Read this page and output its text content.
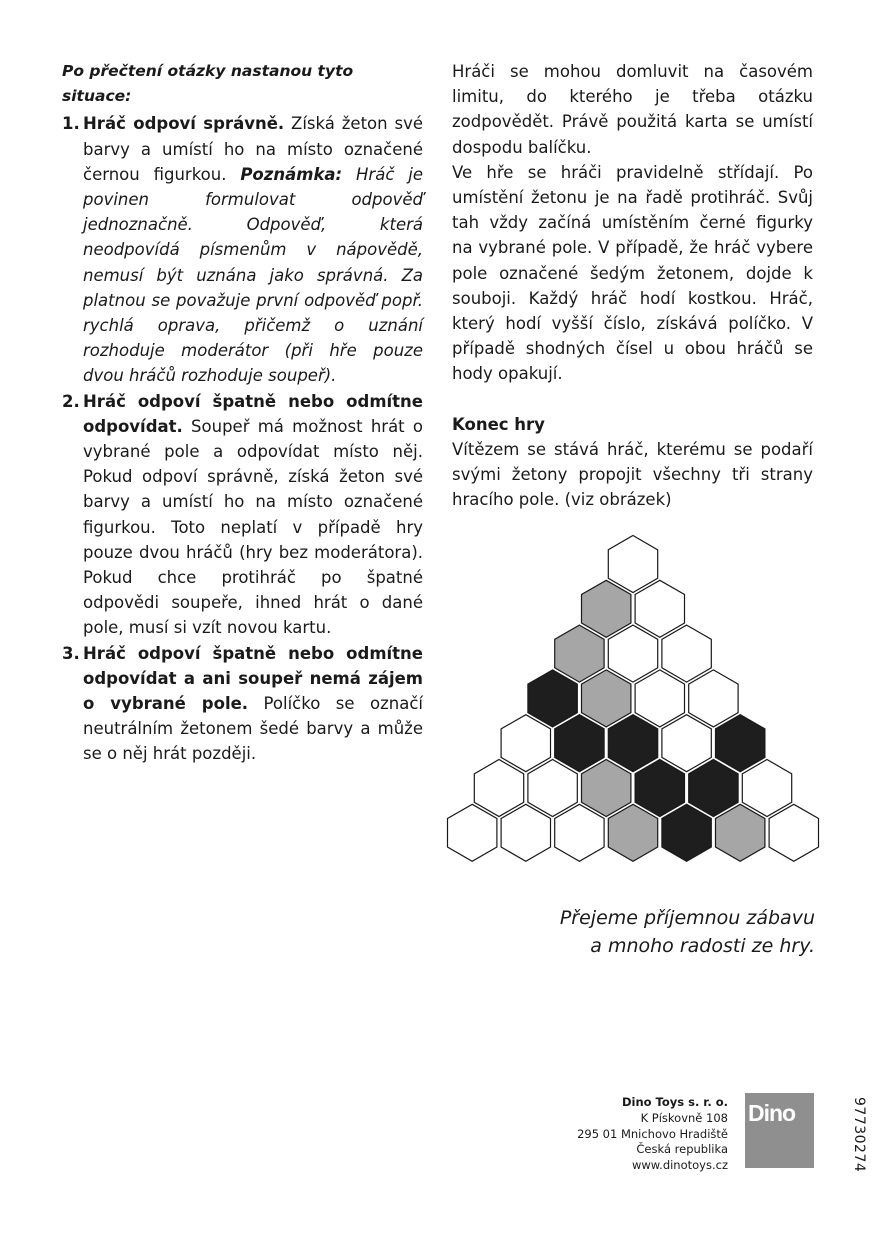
Po přečtení otázky nastanou tyto situace:
1. Hráč odpoví správně. Získá žeton své barvy a umístí ho na místo označené černou figurkou. Poznámka: Hráč je povinen formulovat odpověď jednoznačně. Odpověď, která neodpovídá písmenům v nápovědě, nemusí být uznána jako správná. Za platnou se považuje první odpověď popř. rychlá oprava, přičemž o uznání rozhoduje moderátor (při hře pouze dvou hráčů rozhoduje soupeř).
2. Hráč odpoví špatně nebo odmítne odpovídat. Soupeř má možnost hrát o vybrané pole a odpovídat místo něj. Pokud odpoví správně, získá žeton své barvy a umístí ho na místo označené figurkou. Toto neplatí v případě hry pouze dvou hráčů (hry bez moderátora). Pokud chce protihráč po špatné odpovědi soupeře, ihned hrát o dané pole, musí si vzít novou kartu.
3. Hráč odpoví špatně nebo odmítne odpovídat a ani soupeř nemá zájem o vybrané pole. Políčko se označí neutrálním žetonem šedé barvy a může se o něj hrát později.

Hráči se mohou domluvit na časovém limitu, do kterého je třeba otázku zodpovědět. Právě použitá karta se umístí dospodu balíčku.

Ve hře se hráči pravidelně střídají. Po umístění žetonu je na řadě protihráč. Svůj tah vždy začíná umístěním černé figurky na vybrané pole. V případě, že hráč vybere pole označené šedým žetonem, dojde k souboji. Každý hráč hodí kostkou. Hráč, který hodí vyšší číslo, získává políčko. V případě shodných čísel u obou hráčů se hody opakují.

Konec hry

Vítězem se stává hráč, kterému se podaří svými žetony propojit všechny tři strany hracího pole. (viz obrázek)

Přejeme příjemnou zábavu
a mnoho radosti ze hry.
Dino Toys s. r. o.
K Pískovně 108
295 01 Mnichovo Hradiště
Česká republika
www.dinotoys.cz
Dino	97730274
